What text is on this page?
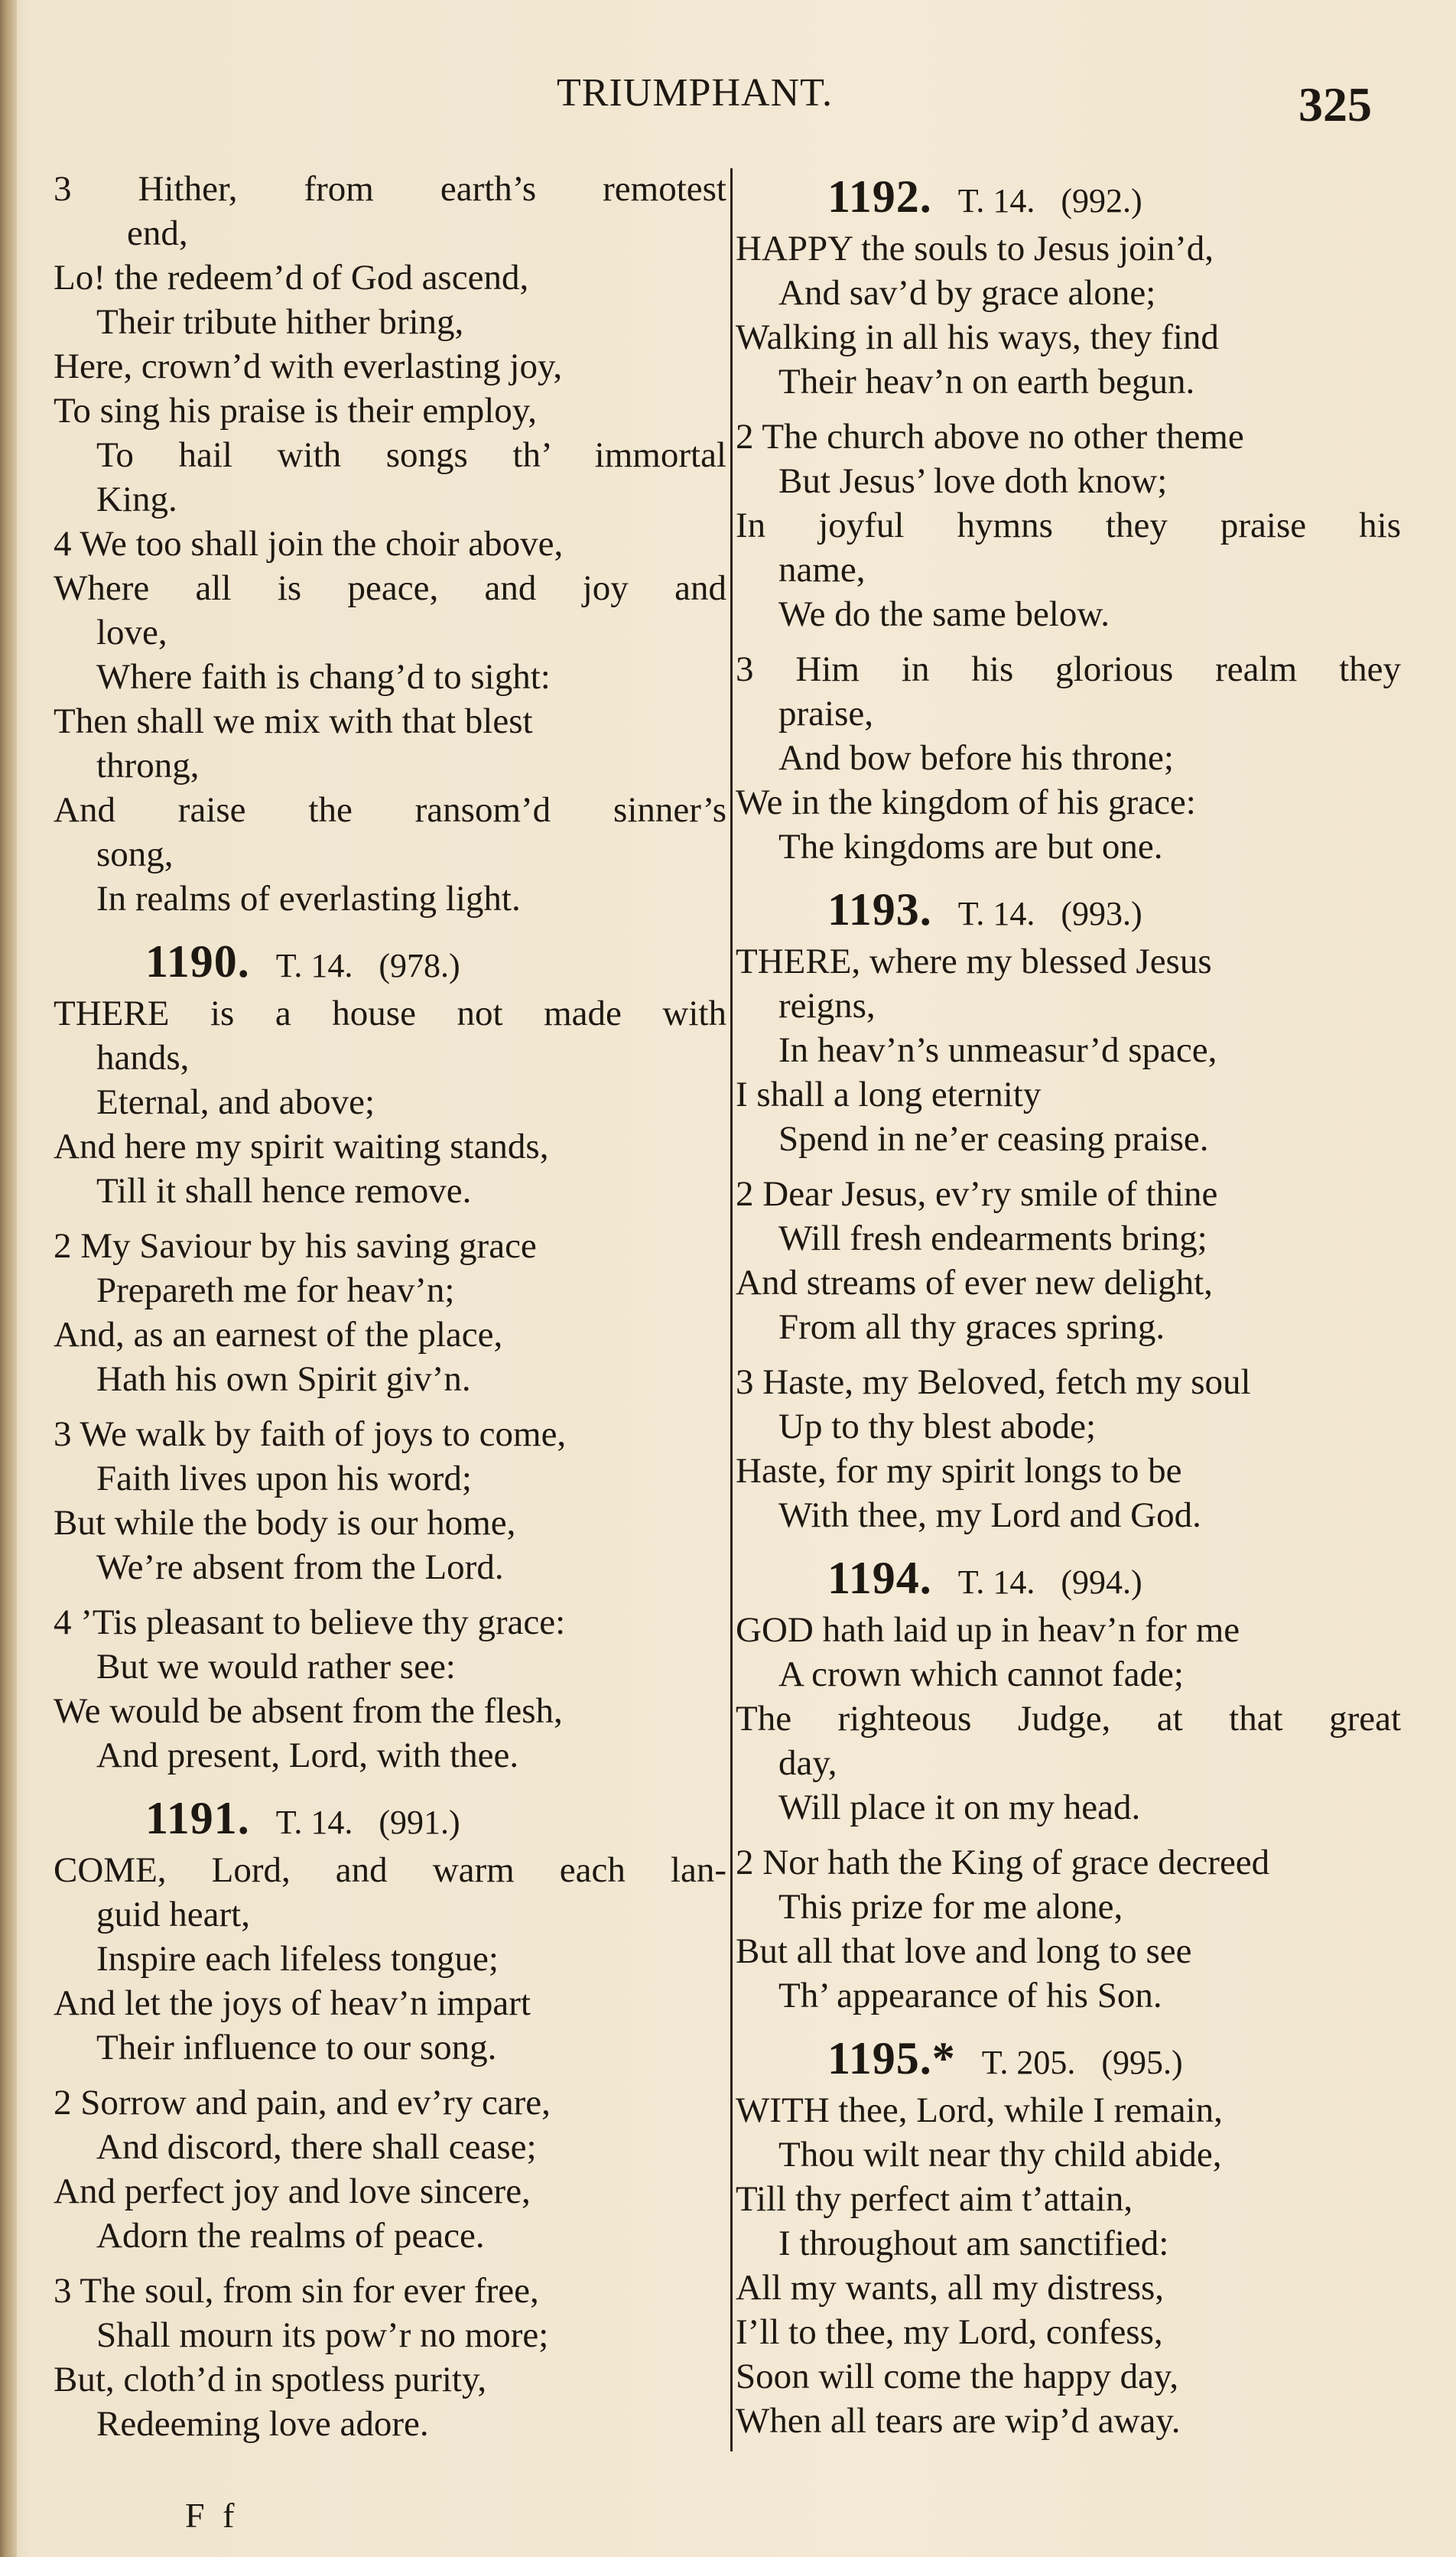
TRIUMPHANT.	325
3 Hither, from earth’s remotest
end,
Lo! the redeem’d of God ascend,
Their tribute hither bring,
Here, crown’d with everlasting joy,
To sing his praise is their employ,
To hail with songs th’ immortal
King.
4 We too shall join the choir above,
Where all is peace, and joy and
love,
Where faith is chang’d to sight:
Then shall we mix with that blest
throng,
And raise the ransom’d sinner’s
song,
In realms of everlasting light.
1190. T. 14. (978.)
THERE is a house not made with
hands,
Eternal, and above;
And here my spirit waiting stands,
Till it shall hence remove.
2 My Saviour by his saving grace
Prepareth me for heav’n;
And, as an earnest of the place,
Hath his own Spirit giv’n.
3 We walk by faith of joys to come,
Faith lives upon his word;
But while the body is our home,
We’re absent from the Lord.
4 ’Tis pleasant to believe thy grace:
But we would rather see:
We would be absent from the flesh,
And present, Lord, with thee.
1191. T. 14. (991.)
COME, Lord, and warm each lan-
guid heart,
Inspire each lifeless tongue;
And let the joys of heav’n impart
Their influence to our song.
2 Sorrow and pain, and ev’ry care,
And discord, there shall cease;
And perfect joy and love sincere,
Adorn the realms of peace.
3 The soul, from sin for ever free,
Shall mourn its pow’r no more;
But, cloth’d in spotless purity,
Redeeming love adore.
1192. T. 14. (992.)
HAPPY the souls to Jesus join’d,
And sav’d by grace alone;
Walking in all his ways, they find
Their heav’n on earth begun.
2 The church above no other theme
But Jesus’ love doth know;
In joyful hymns they praise his
name,
We do the same below.
3 Him in his glorious realm they
praise,
And bow before his throne;
We in the kingdom of his grace:
The kingdoms are but one.
1193. T. 14. (993.)
THERE, where my blessed Jesus
reigns,
In heav’n’s unmeasur’d space,
I shall a long eternity
Spend in ne’er ceasing praise.
2 Dear Jesus, ev’ry smile of thine
Will fresh endearments bring;
And streams of ever new delight,
From all thy graces spring.
3 Haste, my Beloved, fetch my soul
Up to thy blest abode;
Haste, for my spirit longs to be
With thee, my Lord and God.
1194. T. 14. (994.)
GOD hath laid up in heav’n for me
A crown which cannot fade;
The righteous Judge, at that great
day,
Will place it on my head.
2 Nor hath the King of grace decreed
This prize for me alone,
But all that love and long to see
Th’ appearance of his Son.
1195.* T. 205. (995.)
WITH thee, Lord, while I remain,
Thou wilt near thy child abide,
Till thy perfect aim t’attain,
I throughout am sanctified:
All my wants, all my distress,
I’ll to thee, my Lord, confess,
Soon will come the happy day,
When all tears are wip’d away.
F f
